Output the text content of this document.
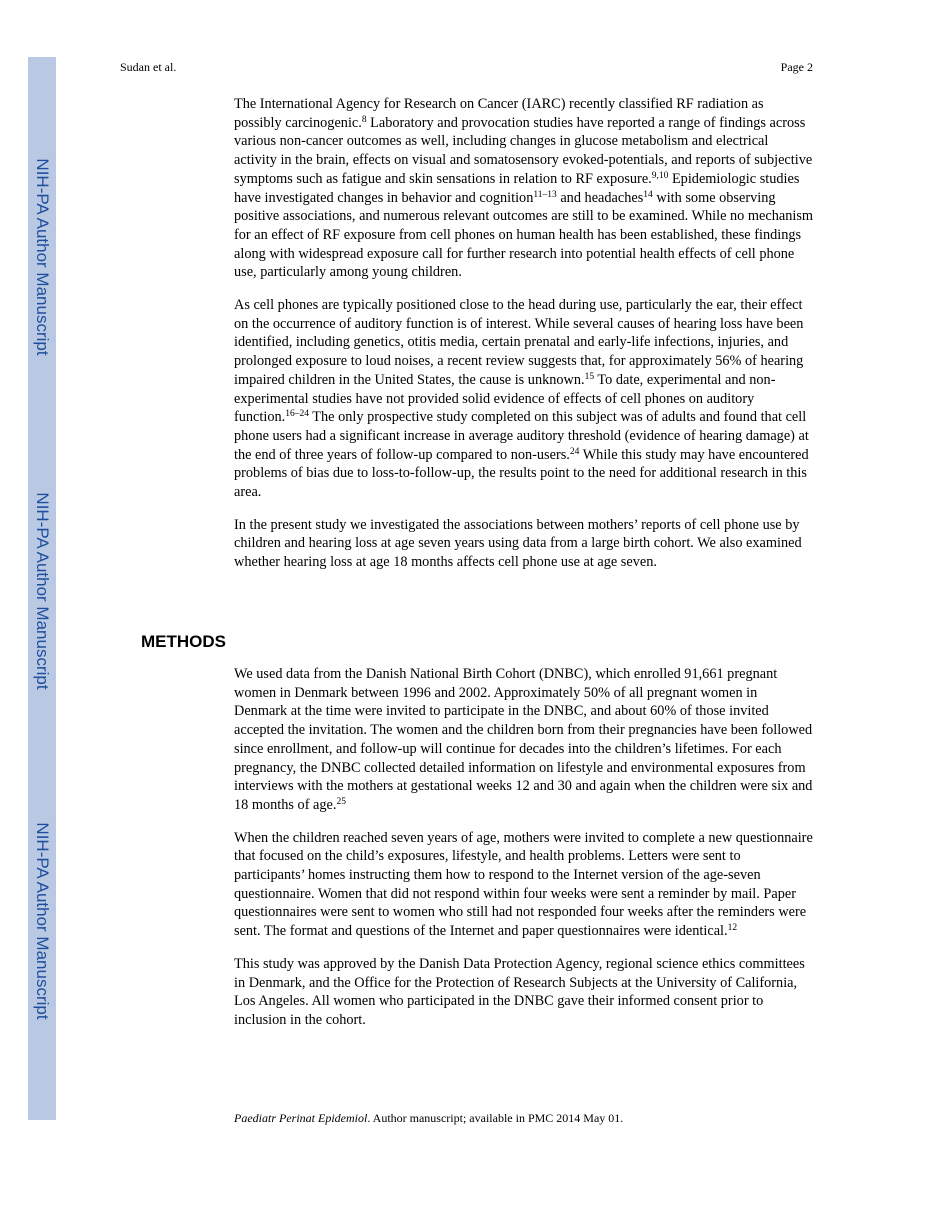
NIH-PA Author Manuscript
NIH-PA Author Manuscript
NIH-PA Author Manuscript
Sudan et al.	Page 2

The International Agency for Research on Cancer (IARC) recently classified RF radiation as possibly carcinogenic.$^8$ Laboratory and provocation studies have reported a range of findings across various non-cancer outcomes as well, including changes in glucose metabolism and electrical activity in the brain, effects on visual and somatosensory evoked-potentials, and reports of subjective symptoms such as fatigue and skin sensations in relation to RF exposure.$^{9,10}$ Epidemiologic studies have investigated changes in behavior and cognition$^{11-13}$ and headaches$^{14}$ with some observing positive associations, and numerous relevant outcomes are still to be examined. While no mechanism for an effect of RF exposure from cell phones on human health has been established, these findings along with widespread exposure call for further research into potential health effects of cell phone use, particularly among young children.

As cell phones are typically positioned close to the head during use, particularly the ear, their effect on the occurrence of auditory function is of interest. While several causes of hearing loss have been identified, including genetics, otitis media, certain prenatal and early-life infections, injuries, and prolonged exposure to loud noises, a recent review suggests that, for approximately 56% of hearing impaired children in the United States, the cause is unknown.$^{15}$ To date, experimental and non-experimental studies have not provided solid evidence of effects of cell phones on auditory function.$^{16-24}$ The only prospective study completed on this subject was of adults and found that cell phone users had a significant increase in average auditory threshold (evidence of hearing damage) at the end of three years of follow-up compared to non-users.$^{24}$ While this study may have encountered problems of bias due to loss-to-follow-up, the results point to the need for additional research in this area.

In the present study we investigated the associations between mothers’ reports of cell phone use by children and hearing loss at age seven years using data from a large birth cohort. We also examined whether hearing loss at age 18 months affects cell phone use at age seven.

METHODS

We used data from the Danish National Birth Cohort (DNBC), which enrolled 91,661 pregnant women in Denmark between 1996 and 2002. Approximately 50% of all pregnant women in Denmark at the time were invited to participate in the DNBC, and about 60% of those invited accepted the invitation. The women and the children born from their pregnancies have been followed since enrollment, and follow-up will continue for decades into the children’s lifetimes. For each pregnancy, the DNBC collected detailed information on lifestyle and environmental exposures from interviews with the mothers at gestational weeks 12 and 30 and again when the children were six and 18 months of age.$^{25}$

When the children reached seven years of age, mothers were invited to complete a new questionnaire that focused on the child’s exposures, lifestyle, and health problems. Letters were sent to participants’ homes instructing them how to respond to the Internet version of the age-seven questionnaire. Women that did not respond within four weeks were sent a reminder by mail. Paper questionnaires were sent to women who still had not responded four weeks after the reminders were sent. The format and questions of the Internet and paper questionnaires were identical.$^{12}$

This study was approved by the Danish Data Protection Agency, regional science ethics committees in Denmark, and the Office for the Protection of Research Subjects at the University of California, Los Angeles. All women who participated in the DNBC gave their informed consent prior to inclusion in the cohort.

Paediatr Perinat Epidemiol. Author manuscript; available in PMC 2014 May 01.
